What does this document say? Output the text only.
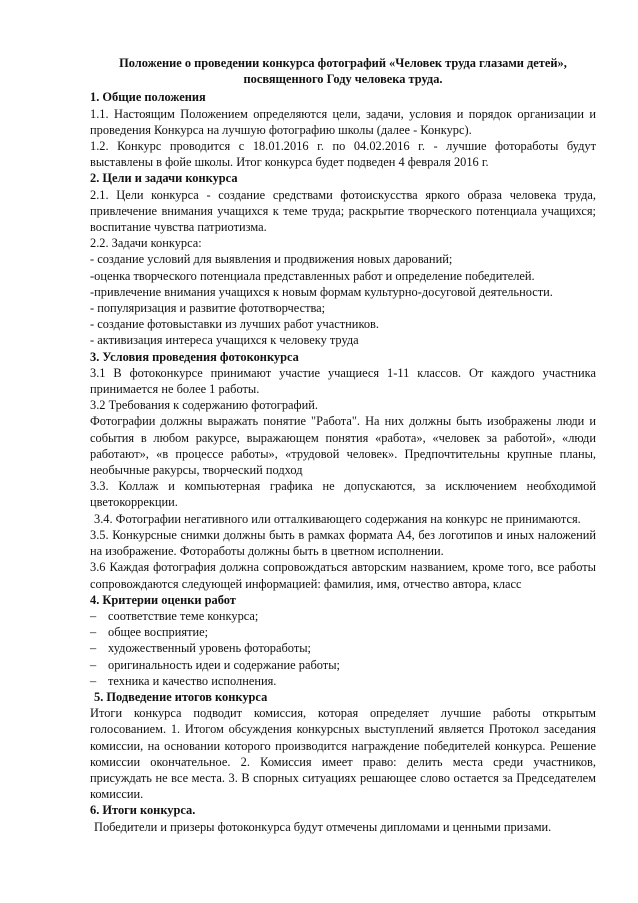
Положение о проведении конкурса фотографий «Человек труда глазами детей»,
посвященного Году человека труда.
1. Общие положения

1.1. Настоящим Положением определяются цели, задачи, условия и порядок организации и проведения Конкурса на лучшую фотографию школы (далее - Конкурс).

1.2. Конкурс проводится с 18.01.2016 г. по 04.02.2016 г. - лучшие фотоработы будут выставлены в фойе школы. Итог конкурса будет подведен 4 февраля 2016 г.

2. Цели и задачи конкурса

2.1. Цели конкурса - создание средствами фотоискусства яркого образа человека труда, привлечение внимания учащихся к теме труда; раскрытие творческого потенциала учащихся; воспитание чувства патриотизма.

2.2. Задачи конкурса:

- создание условий для выявления и продвижения новых дарований;

-оценка творческого потенциала представленных работ и определение победителей.

-привлечение внимания учащихся к новым формам культурно-досуговой деятельности.

- популяризация и развитие фототворчества;

- создание фотовыставки из лучших работ участников.

- активизация интереса учащихся к человеку труда

3. Условия проведения фотоконкурса

3.1 В фотоконкурсе принимают участие учащиеся 1-11 классов. От каждого участника принимается не более 1 работы.

3.2 Требования к содержанию фотографий.

Фотографии должны выражать понятие "Работа". На них должны быть изображены люди и события в любом ракурсе, выражающем понятия «работа», «человек за работой», «люди работают», «в процессе работы», «трудовой человек». Предпочтительны крупные планы, необычные ракурсы, творческий подход

3.3. Коллаж и компьютерная графика не допускаются, за исключением необходимой цветокоррекции.

3.4. Фотографии негативного или отталкивающего содержания на конкурс не принимаются.

3.5. Конкурсные снимки должны быть в рамках формата А4, без логотипов и иных наложений на изображение. Фотоработы должны быть в цветном исполнении.

3.6 Каждая фотография должна сопровождаться авторским названием, кроме того, все работы сопровождаются следующей информацией: фамилия, имя, отчество автора, класс

4. Критерии оценки работ
– соответствие теме конкурса;
– общее восприятие;
– художественный уровень фотоработы;
– оригинальность идеи и содержание работы;
– техника и качество исполнения.
5. Подведение итогов конкурса

Итоги конкурса подводит комиссия, которая определяет лучшие работы открытым голосованием. 1. Итогом обсуждения конкурсных выступлений является Протокол заседания комиссии, на основании которого производится награждение победителей конкурса. Решение комиссии окончательное. 2. Комиссия имеет право: делить места среди участников, присуждать не все места. 3. В спорных ситуациях решающее слово остается за Председателем комиссии.

6. Итоги конкурса.

Победители и призеры фотоконкурса будут отмечены дипломами и ценными призами.
